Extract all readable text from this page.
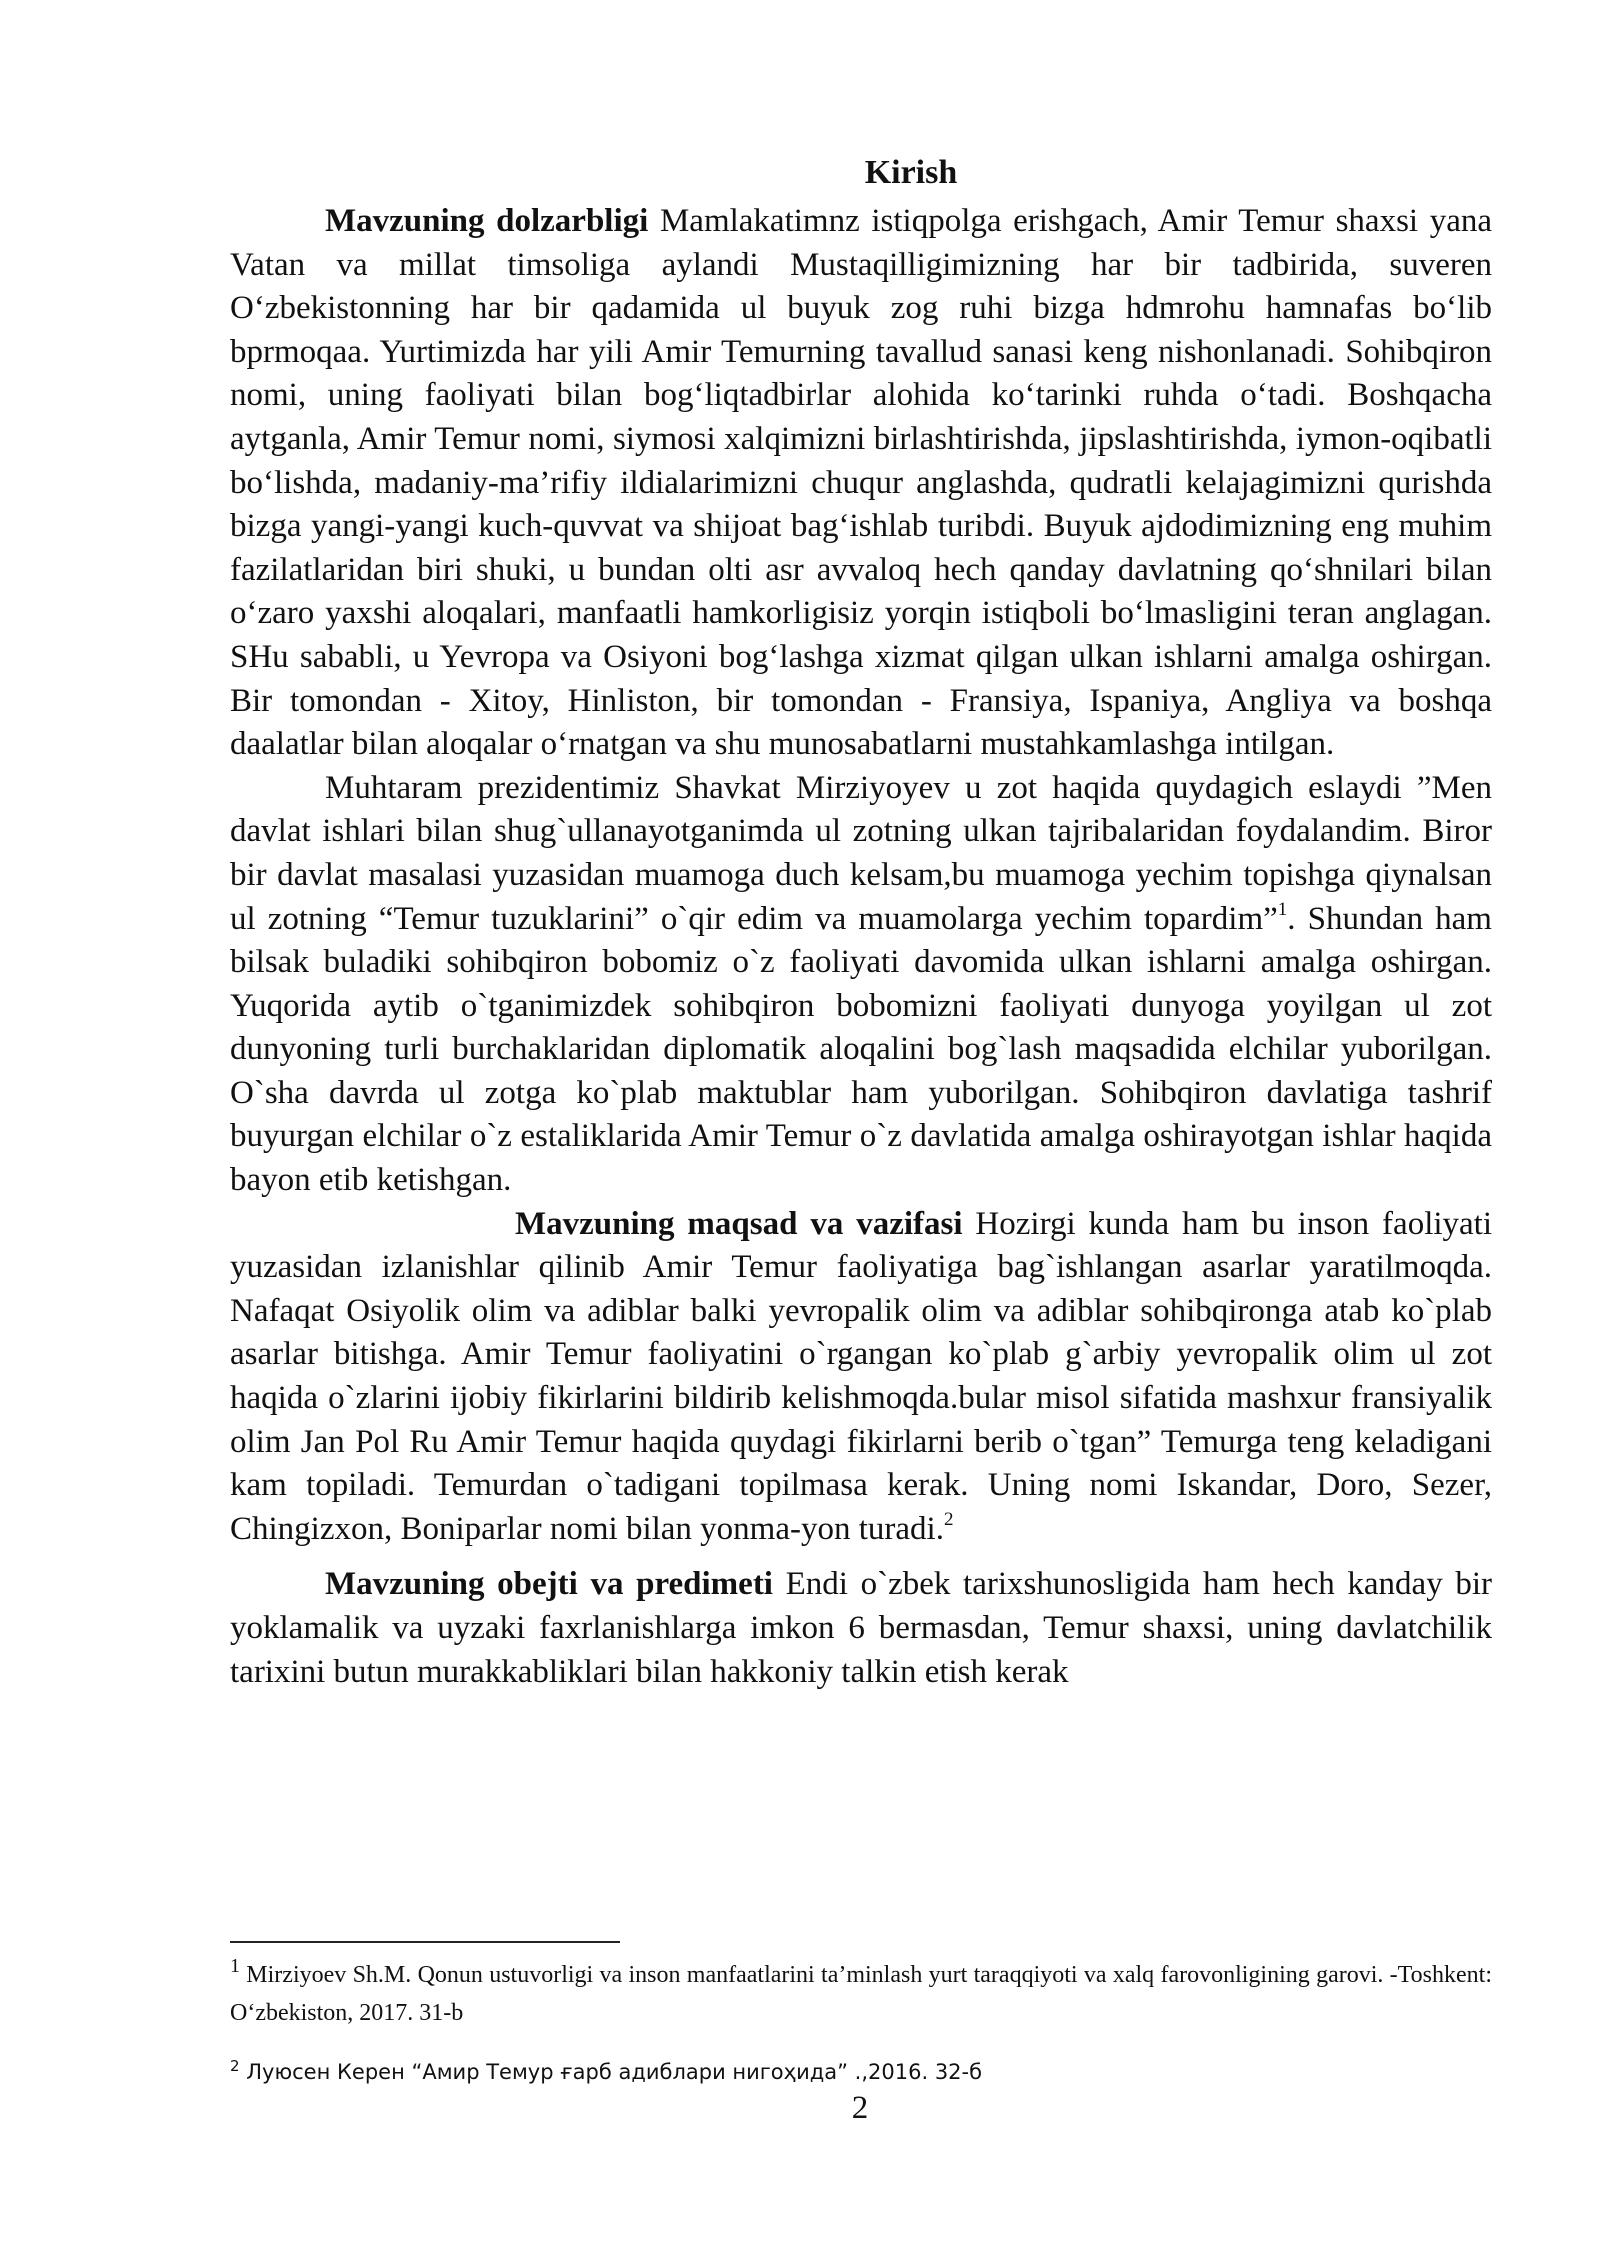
Kirish

Mavzuning dolzarbligi Mamlakatimnz istiqpolga erishgach, Amir Temur shaxsi yana Vatan va millat timsoliga aylandi Mustaqilligimizning har bir tadbirida, suveren O‘zbekistonning har bir qadamida ul buyuk zog ruhi bizga hdmrohu hamnafas bo‘lib bprmoqaa. Yurtimizda har yili Amir Temurning tavallud sanasi keng nishonlanadi. Sohibqiron nomi, uning faoliyati bilan bog‘liqtadbirlar alohida ko‘tarinki ruhda o‘tadi. Boshqacha aytganla, Amir Temur nomi, siymosi xalqimizni birlashtirishda, jipslashtirishda, iymon-oqibatli bo‘lishda, madaniy-ma’rifiy ildialarimizni chuqur anglashda, qudratli kelajagimizni qurishda bizga yangi-yangi kuch-quvvat va shijoat bag‘ishlab turibdi. Buyuk ajdodimizning eng muhim fazilatlaridan biri shuki, u bundan olti asr avvaloq hech qanday davlatning qo‘shnilari bilan o‘zaro yaxshi aloqalari, manfaatli hamkorligisiz yorqin istiqboli bo‘lmasligini teran anglagan. SHu sababli, u Yevropa va Osiyoni bog‘lashga xizmat qilgan ulkan ishlarni amalga oshirgan. Bir tomondan - Xitoy, Hinliston, bir tomondan - Fransiya, Ispaniya, Angliya va boshqa daalatlar bilan aloqalar o‘rnatgan va shu munosabatlarni mustahkamlashga intilgan.

Muhtaram prezidentimiz Shavkat Mirziyoyev u zot haqida quydagich eslaydi ”Men davlat ishlari bilan shug`ullanayotganimda ul zotning ulkan tajribalaridan foydalandim. Biror bir davlat masalasi yuzasidan muamoga duch kelsam,bu muamoga yechim topishga qiynalsan ul zotning “Temur tuzuklarini” o`qir edim va muamolarga yechim topardim”$^1$. Shundan ham bilsak buladiki sohibqiron bobomiz o`z faoliyati davomida ulkan ishlarni amalga oshirgan. Yuqorida aytib o`tganimizdek sohibqiron bobomizni faoliyati dunyoga yoyilgan ul zot dunyoning turli burchaklaridan diplomatik aloqalini bog`lash maqsadida elchilar yuborilgan. O`sha davrda ul zotga ko`plab maktublar ham yuborilgan. Sohibqiron davlatiga tashrif buyurgan elchilar o`z estaliklarida Amir Temur o`z davlatida amalga oshirayotgan ishlar haqida bayon etib ketishgan.

Mavzuning maqsad va vazifasi Hozirgi kunda ham bu inson faoliyati yuzasidan izlanishlar qilinib Amir Temur faoliyatiga bag`ishlangan asarlar yaratilmoqda. Nafaqat Osiyolik olim va adiblar balki yevropalik olim va adiblar sohibqironga atab ko`plab asarlar bitishga. Amir Temur faoliyatini o`rgangan ko`plab g`arbiy yevropalik olim ul zot haqida o`zlarini ijobiy fikirlarini bildirib kelishmoqda.bular misol sifatida mashxur fransiyalik olim Jan Pol Ru Amir Temur haqida quydagi fikirlarni berib o`tgan” Temurga teng keladigani kam topiladi. Temurdan o`tadigani topilmasa kerak. Uning nomi Iskandar, Doro, Sezer, Chingizxon, Boniparlar nomi bilan yonma-yon turadi.$^2$

Mavzuning obejti va predimeti Endi o`zbek tarixshunosligida ham hech kanday bir yoklamalik va uyzaki faxrlanishlarga imkon 6 bermasdan, Temur shaxsi, uning davlatchilik tarixini butun murakkabliklari bilan hakkoniy talkin etish kerak

$^1$ Mirziyoev Sh.M. Qonun ustuvorligi va inson manfaatlarini ta’minlash yurt taraqqiyoti va xalq farovonligining garovi. -Toshkent: O‘zbekiston, 2017. 31-b
$^2$ Луюсен Керен “Амир Темур ғарб адиблари нигоҳида” .,2016. 32-б
2
